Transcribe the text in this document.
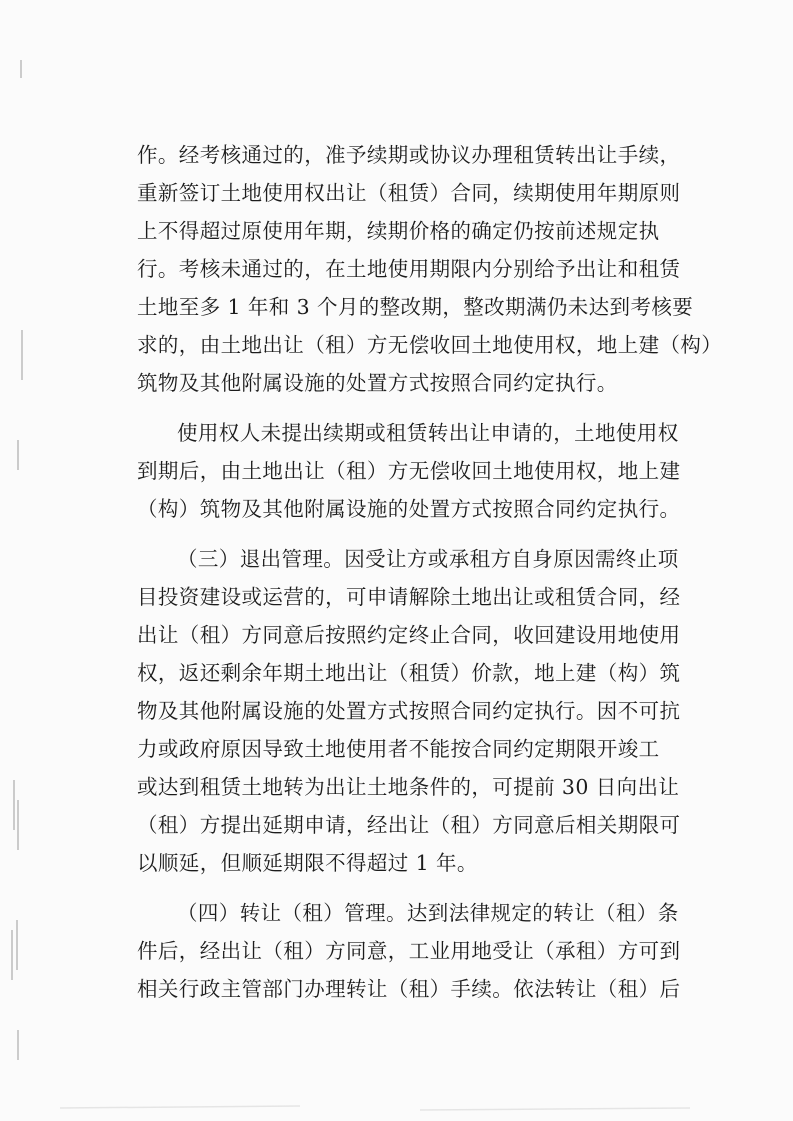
作。经考核通过的，准予续期或协议办理租赁转出让手续，
重新签订土地使用权出让（租赁）合同，续期使用年期原则
上不得超过原使用年期，续期价格的确定仍按前述规定执
行。考核未通过的，在土地使用期限内分别给予出让和租赁
土地至多 1 年和 3 个月的整改期，整改期满仍未达到考核要
求的，由土地出让（租）方无偿收回土地使用权，地上建（构）
筑物及其他附属设施的处置方式按照合同约定执行。
使用权人未提出续期或租赁转出让申请的，土地使用权
到期后，由土地出让（租）方无偿收回土地使用权，地上建
（构）筑物及其他附属设施的处置方式按照合同约定执行。
（三）退出管理。因受让方或承租方自身原因需终止项
目投资建设或运营的，可申请解除土地出让或租赁合同，经
出让（租）方同意后按照约定终止合同，收回建设用地使用
权，返还剩余年期土地出让（租赁）价款，地上建（构）筑
物及其他附属设施的处置方式按照合同约定执行。因不可抗
力或政府原因导致土地使用者不能按合同约定期限开竣工
或达到租赁土地转为出让土地条件的，可提前 30 日向出让
（租）方提出延期申请，经出让（租）方同意后相关期限可
以顺延，但顺延期限不得超过 1 年。
（四）转让（租）管理。达到法律规定的转让（租）条
件后，经出让（租）方同意，工业用地受让（承租）方可到
相关行政主管部门办理转让（租）手续。依法转让（租）后
